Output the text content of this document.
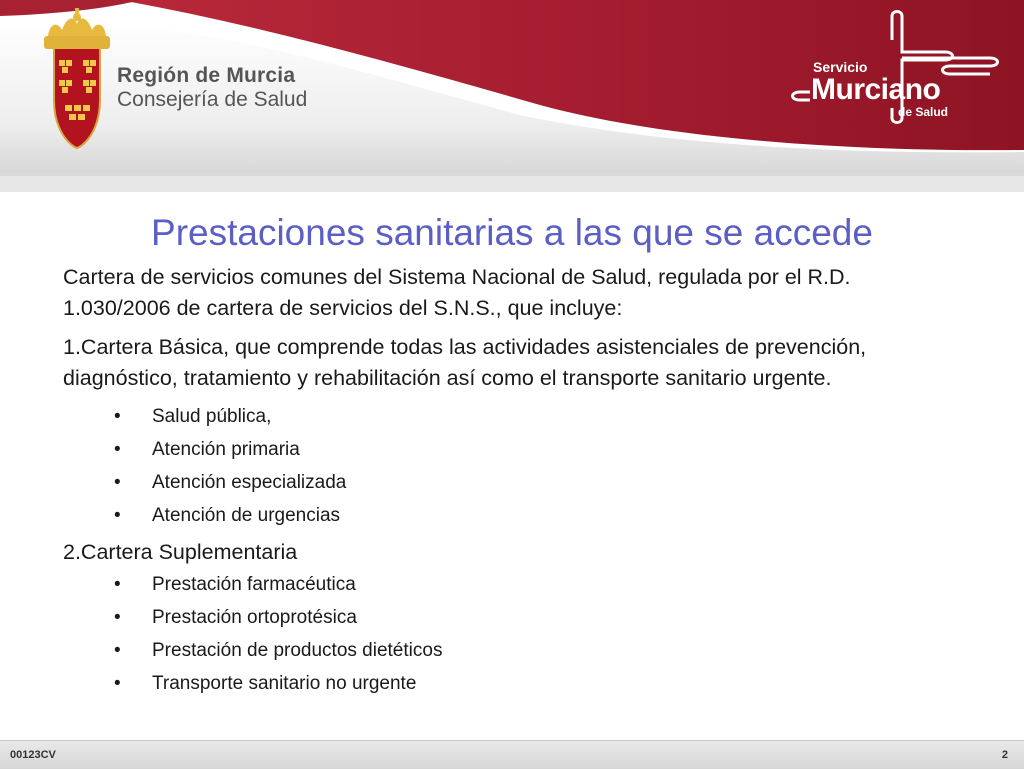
Región de Murcia
Consejería de Salud
Servicio
Murciano
de Salud
Prestaciones sanitarias a las que se accede

Cartera de servicios comunes del Sistema Nacional de Salud, regulada por el R.D. 1.030/2006 de cartera de servicios del S.N.S., que incluye:

1.Cartera Básica, que comprende todas las actividades asistenciales de prevención, diagnóstico, tratamiento y rehabilitación así como el transporte sanitario urgente.

• Salud pública,
• Atención primaria
• Atención especializada
• Atención de urgencias

2.Cartera Suplementaria

• Prestación farmacéutica
• Prestación ortoprotésica
• Prestación de productos dietéticos
• Transporte sanitario no urgente
00123CV	2
